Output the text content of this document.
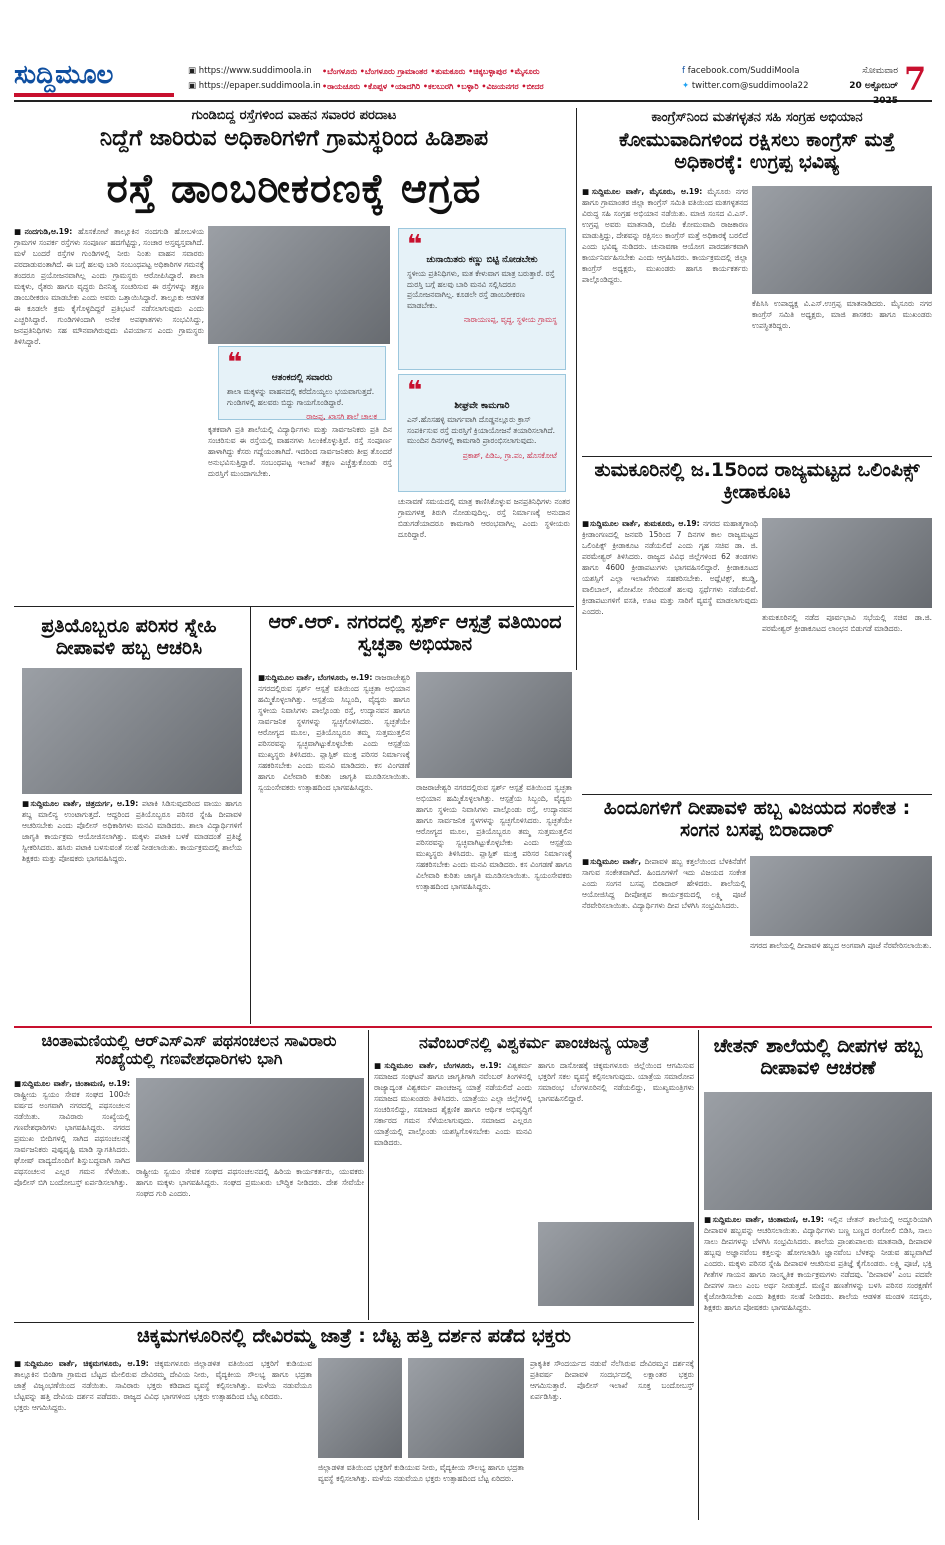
ಸುದ್ದಿಮೂಲ	▣ https://www.suddimoola.in
▣ https://epaper.suddimoola.in
•ಬೆಂಗಳೂರು •ಬೆಂಗಳೂರು ಗ್ರಾಮಾಂತರ •ತುಮಕೂರು •ಚಿಕ್ಕಬಳ್ಳಾಪುರ •ಮೈಸೂರು
•ರಾಯಚೂರು •ಕೊಪ್ಪಳ •ಯಾದಗಿರಿ •ಕಲಬುರಗಿ •ಬಳ್ಳಾರಿ •ವಿಜಯನಗರ •ಬೀದರ
f facebook.com/SuddiMoola
✦ twitter.com@suddimoola22
ಸೋಮವಾರ
20 ಅಕ್ಟೋಬರ್ 2025
7
ಗುಂಡಿಬಿದ್ದ ರಸ್ತೆಗಳಿಂದ ವಾಹನ ಸವಾರರ ಪರದಾಟ
ನಿದ್ದೆಗೆ ಜಾರಿರುವ ಅಧಿಕಾರಿಗಳಿಗೆ ಗ್ರಾಮಸ್ಥರಿಂದ ಹಿಡಿಶಾಪ
ರಸ್ತೆ ಡಾಂಬರೀಕರಣಕ್ಕೆ ಆಗ್ರಹ
■ನಂದಗುಡಿ,ಆ.19: ಹೊಸಕೋಟೆ ತಾಲ್ಲೂಕಿನ ನಂದಗುಡಿ ಹೋಬಳಿಯ ಗ್ರಾಮಗಳ ಸಂಪರ್ಕ ರಸ್ತೆಗಳು ಸಂಪೂರ್ಣ ಹದಗೆಟ್ಟಿದ್ದು, ಸಂಚಾರ ಅಸ್ತವ್ಯಸ್ತವಾಗಿದೆ. ಮಳೆ ಬಂದರೆ ರಸ್ತೆಗಳ ಗುಂಡಿಗಳಲ್ಲಿ ನೀರು ನಿಂತು ವಾಹನ ಸವಾರರು ಪರದಾಡುವಂತಾಗಿದೆ. ಈ ಬಗ್ಗೆ ಹಲವು ಬಾರಿ ಸಂಬಂಧಪಟ್ಟ ಅಧಿಕಾರಿಗಳ ಗಮನಕ್ಕೆ ತಂದರೂ ಪ್ರಯೋಜನವಾಗಿಲ್ಲ ಎಂದು ಗ್ರಾಮಸ್ಥರು ಆರೋಪಿಸಿದ್ದಾರೆ. ಶಾಲಾ ಮಕ್ಕಳು, ರೈತರು ಹಾಗೂ ವೃದ್ಧರು ದಿನನಿತ್ಯ ಸಂಚರಿಸುವ ಈ ರಸ್ತೆಗಳನ್ನು ತಕ್ಷಣ ಡಾಂಬರೀಕರಣ ಮಾಡಬೇಕು ಎಂದು ಅವರು ಒತ್ತಾಯಿಸಿದ್ದಾರೆ. ತಾಲ್ಲೂಕು ಆಡಳಿತ ಈ ಕೂಡಲೇ ಕ್ರಮ ಕೈಗೊಳ್ಳದಿದ್ದರೆ ಪ್ರತಿಭಟನೆ ನಡೆಸಲಾಗುವುದು ಎಂದು ಎಚ್ಚರಿಸಿದ್ದಾರೆ. ಗುಂಡಿಗಳಿಂದಾಗಿ ಅನೇಕ ಅಪಘಾತಗಳು ಸಂಭವಿಸಿದ್ದು, ಜನಪ್ರತಿನಿಧಿಗಳು ಸಹ ಮೌನವಾಗಿರುವುದು ವಿಪರ್ಯಾಸ ಎಂದು ಗ್ರಾಮಸ್ಥರು ತಿಳಿಸಿದ್ದಾರೆ.
❝	ಆತಂಕದಲ್ಲಿ ಸವಾರರು
ಶಾಲಾ ಮಕ್ಕಳನ್ನು ವಾಹನದಲ್ಲಿ ಕರೆದೊಯ್ಯಲು ಭಯವಾಗುತ್ತದೆ. ಗುಂಡಿಗಳಲ್ಲಿ ಹಲವರು ಬಿದ್ದು ಗಾಯಗೊಂಡಿದ್ದಾರೆ.
ರಾಜಪ್ಪ, ಖಾಸಗಿ ಶಾಲೆ ಚಾಲಕ
❝ ಚುನಾಯಿತರು ಕಣ್ಣು ಬಿಟ್ಟಿ ನೋಡಬೇಕು
ಸ್ಥಳೀಯ ಪ್ರತಿನಿಧಿಗಳು, ಮತ ಕೇಳುವಾಗ ಮಾತ್ರ ಬರುತ್ತಾರೆ. ರಸ್ತೆ ದುರಸ್ತಿ ಬಗ್ಗೆ ಹಲವು ಬಾರಿ ಮನವಿ ಸಲ್ಲಿಸಿದರೂ ಪ್ರಯೋಜನವಾಗಿಲ್ಲ. ಕೂಡಲೇ ರಸ್ತೆ ಡಾಂಬರೀಕರಣ ಮಾಡಬೇಕು.
ನಾರಾಯಣಪ್ಪ, ವೃದ್ಧ, ಸ್ಥಳೀಯ ಗ್ರಾಮಸ್ಥ
❝	ಶೀಘ್ರವೇ ಕಾಮಗಾರಿ
ಎನ್.ಹೊಸಹಳ್ಳಿ ಮಾರ್ಗವಾಗಿ ದೊಡ್ಡನಲ್ಲೂರು ಕ್ರಾಸ್ ಸಂಪರ್ಕಿಸುವ ರಸ್ತೆ ದುರಸ್ತಿಗೆ ಕ್ರಿಯಾಯೋಜನೆ ತಯಾರಿಸಲಾಗಿದೆ. ಮುಂದಿನ ದಿನಗಳಲ್ಲಿ ಕಾಮಗಾರಿ ಪ್ರಾರಂಭಿಸಲಾಗುವುದು.
ಪ್ರಕಾಶ್, ಪಿಡಿಒ, ಗ್ರಾ.ಪಂ, ಹೊಸಕೋಟೆ
ಕೃತಕವಾಗಿ ಪ್ರತಿ ಶಾಲೆಯಲ್ಲಿ ವಿದ್ಯಾರ್ಥಿಗಳು ಮತ್ತು ಸಾರ್ವಜನಿಕರು ಪ್ರತಿ ದಿನ ಸಂಚರಿಸುವ ಈ ರಸ್ತೆಯಲ್ಲಿ ವಾಹನಗಳು ಸಿಲುಕಿಕೊಳ್ಳುತ್ತಿವೆ. ರಸ್ತೆ ಸಂಪೂರ್ಣ ಹಾಳಾಗಿದ್ದು ಕೆಸರು ಗದ್ದೆಯಂತಾಗಿದೆ. ಇದರಿಂದ ಸಾರ್ವಜನಿಕರು ತೀವ್ರ ತೊಂದರೆ ಅನುಭವಿಸುತ್ತಿದ್ದಾರೆ. ಸಂಬಂಧಪಟ್ಟ ಇಲಾಖೆ ತಕ್ಷಣ ಎಚ್ಚೆತ್ತುಕೊಂಡು ರಸ್ತೆ ದುರಸ್ತಿಗೆ ಮುಂದಾಗಬೇಕು.
ಚುನಾವಣೆ ಸಮಯದಲ್ಲಿ ಮಾತ್ರ ಕಾಣಿಸಿಕೊಳ್ಳುವ ಜನಪ್ರತಿನಿಧಿಗಳು ನಂತರ ಗ್ರಾಮಗಳತ್ತ ತಿರುಗಿ ನೋಡುವುದಿಲ್ಲ. ರಸ್ತೆ ನಿರ್ಮಾಣಕ್ಕೆ ಅನುದಾನ ಬಿಡುಗಡೆಯಾದರೂ ಕಾಮಗಾರಿ ಆರಂಭವಾಗಿಲ್ಲ ಎಂದು ಸ್ಥಳೀಯರು ದೂರಿದ್ದಾರೆ.
ಕಾಂಗ್ರೆಸ್‌ನಿಂದ ಮತಗಳ್ಳತನ ಸಹಿ ಸಂಗ್ರಹ ಅಭಿಯಾನ
ಕೋಮುವಾದಿಗಳಿಂದ ರಕ್ಷಿಸಲು ಕಾಂಗ್ರೆಸ್ ಮತ್ತೆ ಅಧಿಕಾರಕ್ಕೆ: ಉಗ್ರಪ್ಪ ಭವಿಷ್ಯ
■ಸುದ್ದಿಮೂಲ ವಾರ್ತೆ, ಮೈಸೂರು, ಆ.19: ಮೈಸೂರು ನಗರ ಹಾಗೂ ಗ್ರಾಮಾಂತರ ಜಿಲ್ಲಾ ಕಾಂಗ್ರೆಸ್ ಸಮಿತಿ ವತಿಯಿಂದ ಮತಗಳ್ಳತನದ ವಿರುದ್ಧ ಸಹಿ ಸಂಗ್ರಹ ಅಭಿಯಾನ ನಡೆಯಿತು. ಮಾಜಿ ಸಂಸದ ವಿ.ಎಸ್. ಉಗ್ರಪ್ಪ ಅವರು ಮಾತನಾಡಿ, ಬಿಜೆಪಿ ಕೋಮುವಾದಿ ರಾಜಕಾರಣ ಮಾಡುತ್ತಿದ್ದು, ದೇಶವನ್ನು ರಕ್ಷಿಸಲು ಕಾಂಗ್ರೆಸ್ ಮತ್ತೆ ಅಧಿಕಾರಕ್ಕೆ ಬರಲಿದೆ ಎಂದು ಭವಿಷ್ಯ ನುಡಿದರು. ಚುನಾವಣಾ ಆಯೋಗ ಪಾರದರ್ಶಕವಾಗಿ ಕಾರ್ಯನಿರ್ವಹಿಸಬೇಕು ಎಂದು ಆಗ್ರಹಿಸಿದರು. ಕಾರ್ಯಕ್ರಮದಲ್ಲಿ ಜಿಲ್ಲಾ ಕಾಂಗ್ರೆಸ್ ಅಧ್ಯಕ್ಷರು, ಮುಖಂಡರು ಹಾಗೂ ಕಾರ್ಯಕರ್ತರು ಪಾಲ್ಗೊಂಡಿದ್ದರು.
ಕೆಪಿಸಿಸಿ ಉಪಾಧ್ಯಕ್ಷ ವಿ.ಎಸ್.ಉಗ್ರಪ್ಪ ಮಾತನಾಡಿದರು. ಮೈಸೂರು ನಗರ ಕಾಂಗ್ರೆಸ್ ಸಮಿತಿ ಅಧ್ಯಕ್ಷರು, ಮಾಜಿ ಶಾಸಕರು ಹಾಗೂ ಮುಖಂಡರು ಉಪಸ್ಥಿತರಿದ್ದರು.
ತುಮಕೂರಿನಲ್ಲಿ ಜ.15ರಿಂದ ರಾಜ್ಯಮಟ್ಟದ ಒಲಿಂಪಿಕ್ಸ್ ಕ್ರೀಡಾಕೂಟ
■ಸುದ್ದಿಮೂಲ ವಾರ್ತೆ, ತುಮಕೂರು, ಆ.19: ನಗರದ ಮಹಾತ್ಮಗಾಂಧಿ ಕ್ರೀಡಾಂಗಣದಲ್ಲಿ ಜನವರಿ 15ರಿಂದ 7 ದಿನಗಳ ಕಾಲ ರಾಜ್ಯಮಟ್ಟದ ಒಲಿಂಪಿಕ್ಸ್ ಕ್ರೀಡಾಕೂಟ ನಡೆಯಲಿದೆ ಎಂದು ಗೃಹ ಸಚಿವ ಡಾ. ಜಿ. ಪರಮೇಶ್ವರ್ ತಿಳಿಸಿದರು. ರಾಜ್ಯದ ವಿವಿಧ ಜಿಲ್ಲೆಗಳಿಂದ 62 ತಂಡಗಳು ಹಾಗೂ 4600 ಕ್ರೀಡಾಪಟುಗಳು ಭಾಗವಹಿಸಲಿದ್ದಾರೆ. ಕ್ರೀಡಾಕೂಟದ ಯಶಸ್ಸಿಗೆ ಎಲ್ಲಾ ಇಲಾಖೆಗಳು ಸಹಕರಿಸಬೇಕು. ಅಥ್ಲೆಟಿಕ್ಸ್, ಕಬಡ್ಡಿ, ವಾಲಿಬಾಲ್, ಖೋಖೋ ಸೇರಿದಂತೆ ಹಲವು ಸ್ಪರ್ಧೆಗಳು ನಡೆಯಲಿವೆ. ಕ್ರೀಡಾಪಟುಗಳಿಗೆ ವಸತಿ, ಊಟ ಮತ್ತು ಸಾರಿಗೆ ವ್ಯವಸ್ಥೆ ಮಾಡಲಾಗುವುದು ಎಂದರು.
ತುಮಕೂರಿನಲ್ಲಿ ನಡೆದ ಪೂರ್ವಭಾವಿ ಸಭೆಯಲ್ಲಿ ಸಚಿವ ಡಾ.ಜಿ. ಪರಮೇಶ್ವರ್ ಕ್ರೀಡಾಕೂಟದ ಲಾಂಛನ ಬಿಡುಗಡೆ ಮಾಡಿದರು.
ಪ್ರತಿಯೊಬ್ಬರೂ ಪರಿಸರ ಸ್ನೇಹಿ ದೀಪಾವಳಿ ಹಬ್ಬ ಆಚರಿಸಿ
■ಸುದ್ದಿಮೂಲ ವಾರ್ತೆ, ಚಿತ್ರದುರ್ಗ, ಆ.19: ಪಟಾಕಿ ಸಿಡಿಸುವುದರಿಂದ ವಾಯು ಹಾಗೂ ಶಬ್ದ ಮಾಲಿನ್ಯ ಉಂಟಾಗುತ್ತದೆ. ಆದ್ದರಿಂದ ಪ್ರತಿಯೊಬ್ಬರೂ ಪರಿಸರ ಸ್ನೇಹಿ ದೀಪಾವಳಿ ಆಚರಿಸಬೇಕು ಎಂದು ಪೊಲೀಸ್ ಅಧಿಕಾರಿಗಳು ಮನವಿ ಮಾಡಿದರು. ಶಾಲಾ ವಿದ್ಯಾರ್ಥಿಗಳಿಗೆ ಜಾಗೃತಿ ಕಾರ್ಯಕ್ರಮ ಆಯೋಜಿಸಲಾಗಿತ್ತು. ಮಕ್ಕಳು ಪಟಾಕಿ ಬಳಕೆ ಮಾಡದಂತೆ ಪ್ರತಿಜ್ಞೆ ಸ್ವೀಕರಿಸಿದರು. ಹಸಿರು ಪಟಾಕಿ ಬಳಸುವಂತೆ ಸಲಹೆ ನೀಡಲಾಯಿತು. ಕಾರ್ಯಕ್ರಮದಲ್ಲಿ ಶಾಲೆಯ ಶಿಕ್ಷಕರು ಮತ್ತು ಪೋಷಕರು ಭಾಗವಹಿಸಿದ್ದರು.
ಆರ್.ಆರ್. ನಗರದಲ್ಲಿ ಸ್ಪರ್ಶ್ ಆಸ್ಪತ್ರೆ ವತಿಯಿಂದ ಸ್ವಚ್ಛತಾ ಅಭಿಯಾನ
■ಸುದ್ದಿಮೂಲ ವಾರ್ತೆ, ಬೆಂಗಳೂರು, ಆ.19: ರಾಜರಾಜೇಶ್ವರಿ ನಗರದಲ್ಲಿರುವ ಸ್ಪರ್ಶ್ ಆಸ್ಪತ್ರೆ ವತಿಯಿಂದ ಸ್ವಚ್ಛತಾ ಅಭಿಯಾನ ಹಮ್ಮಿಕೊಳ್ಳಲಾಗಿತ್ತು. ಆಸ್ಪತ್ರೆಯ ಸಿಬ್ಬಂದಿ, ವೈದ್ಯರು ಹಾಗೂ ಸ್ಥಳೀಯ ನಿವಾಸಿಗಳು ಪಾಲ್ಗೊಂಡು ರಸ್ತೆ, ಉದ್ಯಾನವನ ಹಾಗೂ ಸಾರ್ವಜನಿಕ ಸ್ಥಳಗಳನ್ನು ಸ್ವಚ್ಛಗೊಳಿಸಿದರು. ಸ್ವಚ್ಛತೆಯೇ ಆರೋಗ್ಯದ ಮೂಲ, ಪ್ರತಿಯೊಬ್ಬರೂ ತಮ್ಮ ಸುತ್ತಮುತ್ತಲಿನ ಪರಿಸರವನ್ನು ಸ್ವಚ್ಛವಾಗಿಟ್ಟುಕೊಳ್ಳಬೇಕು ಎಂದು ಆಸ್ಪತ್ರೆಯ ಮುಖ್ಯಸ್ಥರು ತಿಳಿಸಿದರು. ಪ್ಲಾಸ್ಟಿಕ್ ಮುಕ್ತ ಪರಿಸರ ನಿರ್ಮಾಣಕ್ಕೆ ಸಹಕರಿಸಬೇಕು ಎಂದು ಮನವಿ ಮಾಡಿದರು. ಕಸ ವಿಂಗಡಣೆ ಹಾಗೂ ವಿಲೇವಾರಿ ಕುರಿತು ಜಾಗೃತಿ ಮೂಡಿಸಲಾಯಿತು. ಸ್ವಯಂಸೇವಕರು ಉತ್ಸಾಹದಿಂದ ಭಾಗವಹಿಸಿದ್ದರು.	ರಾಜರಾಜೇಶ್ವರಿ ನಗರದಲ್ಲಿರುವ ಸ್ಪರ್ಶ್ ಆಸ್ಪತ್ರೆ ವತಿಯಿಂದ ಸ್ವಚ್ಛತಾ ಅಭಿಯಾನ ಹಮ್ಮಿಕೊಳ್ಳಲಾಗಿತ್ತು. ಆಸ್ಪತ್ರೆಯ ಸಿಬ್ಬಂದಿ, ವೈದ್ಯರು ಹಾಗೂ ಸ್ಥಳೀಯ ನಿವಾಸಿಗಳು ಪಾಲ್ಗೊಂಡು ರಸ್ತೆ, ಉದ್ಯಾನವನ ಹಾಗೂ ಸಾರ್ವಜನಿಕ ಸ್ಥಳಗಳನ್ನು ಸ್ವಚ್ಛಗೊಳಿಸಿದರು. ಸ್ವಚ್ಛತೆಯೇ ಆರೋಗ್ಯದ ಮೂಲ, ಪ್ರತಿಯೊಬ್ಬರೂ ತಮ್ಮ ಸುತ್ತಮುತ್ತಲಿನ ಪರಿಸರವನ್ನು ಸ್ವಚ್ಛವಾಗಿಟ್ಟುಕೊಳ್ಳಬೇಕು ಎಂದು ಆಸ್ಪತ್ರೆಯ ಮುಖ್ಯಸ್ಥರು ತಿಳಿಸಿದರು. ಪ್ಲಾಸ್ಟಿಕ್ ಮುಕ್ತ ಪರಿಸರ ನಿರ್ಮಾಣಕ್ಕೆ ಸಹಕರಿಸಬೇಕು ಎಂದು ಮನವಿ ಮಾಡಿದರು. ಕಸ ವಿಂಗಡಣೆ ಹಾಗೂ ವಿಲೇವಾರಿ ಕುರಿತು ಜಾಗೃತಿ ಮೂಡಿಸಲಾಯಿತು. ಸ್ವಯಂಸೇವಕರು ಉತ್ಸಾಹದಿಂದ ಭಾಗವಹಿಸಿದ್ದರು.
ಹಿಂದೂಗಳಿಗೆ ದೀಪಾವಳಿ ಹಬ್ಬ ವಿಜಯದ ಸಂಕೇತ : ಸಂಗನ ಬಸಪ್ಪ ಬಿರಾದಾರ್
■ಸುದ್ದಿಮೂಲ ವಾರ್ತೆ, ದೀಪಾವಳಿ ಹಬ್ಬ ಕತ್ತಲೆಯಿಂದ ಬೆಳಕಿನೆಡೆಗೆ ಸಾಗುವ ಸಂಕೇತವಾಗಿದೆ. ಹಿಂದೂಗಳಿಗೆ ಇದು ವಿಜಯದ ಸಂಕೇತ ಎಂದು ಸಂಗನ ಬಸಪ್ಪ ಬಿರಾದಾರ್ ಹೇಳಿದರು. ಶಾಲೆಯಲ್ಲಿ ಆಯೋಜಿಸಿದ್ದ ದೀಪೋತ್ಸವ ಕಾರ್ಯಕ್ರಮದಲ್ಲಿ ಲಕ್ಷ್ಮಿ ಪೂಜೆ ನೆರವೇರಿಸಲಾಯಿತು. ವಿದ್ಯಾರ್ಥಿಗಳು ದೀಪ ಬೆಳಗಿಸಿ ಸಂಭ್ರಮಿಸಿದರು.
ನಗರದ ಶಾಲೆಯಲ್ಲಿ ದೀಪಾವಳಿ ಹಬ್ಬದ ಅಂಗವಾಗಿ ಪೂಜೆ ನೆರವೇರಿಸಲಾಯಿತು.
ಚಿಂತಾಮಣಿಯಲ್ಲಿ ಆರ್‌ಎಸ್‌ಎಸ್ ಪಥಸಂಚಲನ ಸಾವಿರಾರು ಸಂಖ್ಯೆಯಲ್ಲಿ ಗಣವೇಶಧಾರಿಗಳು ಭಾಗಿ
■ಸುದ್ದಿಮೂಲ ವಾರ್ತೆ, ಚಿಂತಾಮಣಿ, ಆ.19: ರಾಷ್ಟ್ರೀಯ ಸ್ವಯಂ ಸೇವಕ ಸಂಘದ 100ನೇ ವರ್ಷದ ಅಂಗವಾಗಿ ನಗರದಲ್ಲಿ ಪಥಸಂಚಲನ ನಡೆಯಿತು. ಸಾವಿರಾರು ಸಂಖ್ಯೆಯಲ್ಲಿ ಗಣವೇಶಧಾರಿಗಳು ಭಾಗವಹಿಸಿದ್ದರು. ನಗರದ ಪ್ರಮುಖ ಬೀದಿಗಳಲ್ಲಿ ಸಾಗಿದ ಪಥಸಂಚಲನಕ್ಕೆ ಸಾರ್ವಜನಿಕರು ಪುಷ್ಪವೃಷ್ಟಿ ಮಾಡಿ ಸ್ವಾಗತಿಸಿದರು. ಘೋಷ್ ವಾದ್ಯದೊಂದಿಗೆ ಶಿಸ್ತುಬದ್ಧವಾಗಿ ಸಾಗಿದ ಪಥಸಂಚಲನ ಎಲ್ಲರ ಗಮನ ಸೆಳೆಯಿತು. ಪೊಲೀಸ್ ಬಿಗಿ ಬಂದೋಬಸ್ತ್ ಏರ್ಪಡಿಸಲಾಗಿತ್ತು.
ರಾಷ್ಟ್ರೀಯ ಸ್ವಯಂ ಸೇವಕ ಸಂಘದ ಪಥಸಂಚಲನದಲ್ಲಿ ಹಿರಿಯ ಕಾರ್ಯಕರ್ತರು, ಯುವಕರು ಹಾಗೂ ಮಕ್ಕಳು ಭಾಗವಹಿಸಿದ್ದರು. ಸಂಘದ ಪ್ರಮುಖರು ಬೌದ್ಧಿಕ ನೀಡಿದರು. ದೇಶ ಸೇವೆಯೇ ಸಂಘದ ಗುರಿ ಎಂದರು.
ನವೆಂಬರ್‌ನಲ್ಲಿ ವಿಶ್ವಕರ್ಮ ಪಾಂಚಜನ್ಯ ಯಾತ್ರೆ
■ಸುದ್ದಿಮೂಲ ವಾರ್ತೆ, ಬೆಂಗಳೂರು, ಆ.19: ವಿಶ್ವಕರ್ಮ ಸಮಾಜದ ಸಂಘಟನೆ ಹಾಗೂ ಜಾಗೃತಿಗಾಗಿ ನವೆಂಬರ್ ತಿಂಗಳಿನಲ್ಲಿ ರಾಜ್ಯಾದ್ಯಂತ ವಿಶ್ವಕರ್ಮ ಪಾಂಚಜನ್ಯ ಯಾತ್ರೆ ನಡೆಯಲಿದೆ ಎಂದು ಸಮಾಜದ ಮುಖಂಡರು ತಿಳಿಸಿದರು. ಯಾತ್ರೆಯು ಎಲ್ಲಾ ಜಿಲ್ಲೆಗಳಲ್ಲಿ ಸಂಚರಿಸಲಿದ್ದು, ಸಮಾಜದ ಶೈಕ್ಷಣಿಕ ಹಾಗೂ ಆರ್ಥಿಕ ಅಭಿವೃದ್ಧಿಗೆ ಸರ್ಕಾರದ ಗಮನ ಸೆಳೆಯಲಾಗುವುದು. ಸಮಾಜದ ಎಲ್ಲರೂ ಯಾತ್ರೆಯಲ್ಲಿ ಪಾಲ್ಗೊಂಡು ಯಶಸ್ವಿಗೊಳಿಸಬೇಕು ಎಂದು ಮನವಿ ಮಾಡಿದರು.
ಹಾಗೂ ದಾಸೋಹಕ್ಕೆ ಚಿಕ್ಕಮಗಳೂರು ಜಿಲ್ಲೆಯಿಂದ ಆಗಮಿಸುವ ಭಕ್ತರಿಗೆ ಸಕಲ ವ್ಯವಸ್ಥೆ ಕಲ್ಪಿಸಲಾಗುವುದು. ಯಾತ್ರೆಯ ಸಮಾರೋಪ ಸಮಾರಂಭ ಬೆಂಗಳೂರಿನಲ್ಲಿ ನಡೆಯಲಿದ್ದು, ಮುಖ್ಯಮಂತ್ರಿಗಳು ಭಾಗವಹಿಸಲಿದ್ದಾರೆ.
ಚೇತನ್ ಶಾಲೆಯಲ್ಲಿ ದೀಪಗಳ ಹಬ್ಬ ದೀಪಾವಳಿ ಆಚರಣೆ
■ಸುದ್ದಿಮೂಲ ವಾರ್ತೆ, ಚಿಂತಾಮಣಿ, ಆ.19: ಇಲ್ಲಿನ ಚೇತನ್ ಶಾಲೆಯಲ್ಲಿ ಅದ್ದೂರಿಯಾಗಿ ದೀಪಾವಳಿ ಹಬ್ಬವನ್ನು ಆಚರಿಸಲಾಯಿತು. ವಿದ್ಯಾರ್ಥಿಗಳು ಬಣ್ಣ ಬಣ್ಣದ ರಂಗೋಲಿ ಬಿಡಿಸಿ, ಸಾಲು ಸಾಲು ದೀಪಗಳನ್ನು ಬೆಳಗಿಸಿ ಸಂಭ್ರಮಿಸಿದರು. ಶಾಲೆಯ ಪ್ರಾಂಶುಪಾಲರು ಮಾತನಾಡಿ, ದೀಪಾವಳಿ ಹಬ್ಬವು ಅಜ್ಞಾನವೆಂಬ ಕತ್ತಲನ್ನು ಹೋಗಲಾಡಿಸಿ ಜ್ಞಾನವೆಂಬ ಬೆಳಕನ್ನು ನೀಡುವ ಹಬ್ಬವಾಗಿದೆ ಎಂದರು. ಮಕ್ಕಳು ಪರಿಸರ ಸ್ನೇಹಿ ದೀಪಾವಳಿ ಆಚರಿಸುವ ಪ್ರತಿಜ್ಞೆ ಕೈಗೊಂಡರು. ಲಕ್ಷ್ಮಿ ಪೂಜೆ, ಭಕ್ತಿ ಗೀತೆಗಳ ಗಾಯನ ಹಾಗೂ ಸಾಂಸ್ಕೃತಿಕ ಕಾರ್ಯಕ್ರಮಗಳು ನಡೆದವು. 'ದೀಪಾವಳಿ' ಎಂಬ ಪದವೇ ದೀಪಗಳ ಸಾಲು ಎಂಬ ಅರ್ಥ ನೀಡುತ್ತದೆ. ಮಣ್ಣಿನ ಹಣತೆಗಳನ್ನು ಬಳಸಿ ಪರಿಸರ ಸಂರಕ್ಷಣೆಗೆ ಕೈಜೋಡಿಸಬೇಕು ಎಂದು ಶಿಕ್ಷಕರು ಸಲಹೆ ನೀಡಿದರು. ಶಾಲೆಯ ಆಡಳಿತ ಮಂಡಳಿ ಸದಸ್ಯರು, ಶಿಕ್ಷಕರು ಹಾಗೂ ಪೋಷಕರು ಭಾಗವಹಿಸಿದ್ದರು.
ಚಿಕ್ಕಮಗಳೂರಿನಲ್ಲಿ ದೇವಿರಮ್ಮ ಜಾತ್ರೆ : ಬೆಟ್ಟ ಹತ್ತಿ ದರ್ಶನ ಪಡೆದ ಭಕ್ತರು
■ಸುದ್ದಿಮೂಲ ವಾರ್ತೆ, ಚಿಕ್ಕಮಗಳೂರು, ಆ.19: ಚಿಕ್ಕಮಗಳೂರು ತಾಲ್ಲೂಕಿನ ಬಿಂಡಿಗಾ ಗ್ರಾಮದ ಬೆಟ್ಟದ ಮೇಲಿರುವ ದೇವಿರಮ್ಮ ದೇವಿಯ ಜಾತ್ರೆ ವಿಜೃಂಭಣೆಯಿಂದ ನಡೆಯಿತು. ಸಾವಿರಾರು ಭಕ್ತರು ಕಡಿದಾದ ಬೆಟ್ಟವನ್ನು ಹತ್ತಿ ದೇವಿಯ ದರ್ಶನ ಪಡೆದರು. ರಾಜ್ಯದ ವಿವಿಧ ಭಾಗಗಳಿಂದ ಭಕ್ತರು ಆಗಮಿಸಿದ್ದರು.
ಜಿಲ್ಲಾಡಳಿತ ವತಿಯಿಂದ ಭಕ್ತರಿಗೆ ಕುಡಿಯುವ ನೀರು, ವೈದ್ಯಕೀಯ ಸೌಲಭ್ಯ ಹಾಗೂ ಭದ್ರತಾ ವ್ಯವಸ್ಥೆ ಕಲ್ಪಿಸಲಾಗಿತ್ತು. ಮಳೆಯ ನಡುವೆಯೂ ಭಕ್ತರು ಉತ್ಸಾಹದಿಂದ ಬೆಟ್ಟ ಏರಿದರು.
ಜಿಲ್ಲಾಡಳಿತ ವತಿಯಿಂದ ಭಕ್ತರಿಗೆ ಕುಡಿಯುವ ನೀರು, ವೈದ್ಯಕೀಯ ಸೌಲಭ್ಯ ಹಾಗೂ ಭದ್ರತಾ ವ್ಯವಸ್ಥೆ ಕಲ್ಪಿಸಲಾಗಿತ್ತು. ಮಳೆಯ ನಡುವೆಯೂ ಭಕ್ತರು ಉತ್ಸಾಹದಿಂದ ಬೆಟ್ಟ ಏರಿದರು.
ಪ್ರಾಕೃತಿಕ ಸೌಂದರ್ಯದ ನಡುವೆ ನೆಲೆಸಿರುವ ದೇವಿರಮ್ಮನ ದರ್ಶನಕ್ಕೆ ಪ್ರತಿವರ್ಷ ದೀಪಾವಳಿ ಸಂದರ್ಭದಲ್ಲಿ ಲಕ್ಷಾಂತರ ಭಕ್ತರು ಆಗಮಿಸುತ್ತಾರೆ. ಪೊಲೀಸ್ ಇಲಾಖೆ ಸೂಕ್ತ ಬಂದೋಬಸ್ತ್ ಏರ್ಪಡಿಸಿತ್ತು.
